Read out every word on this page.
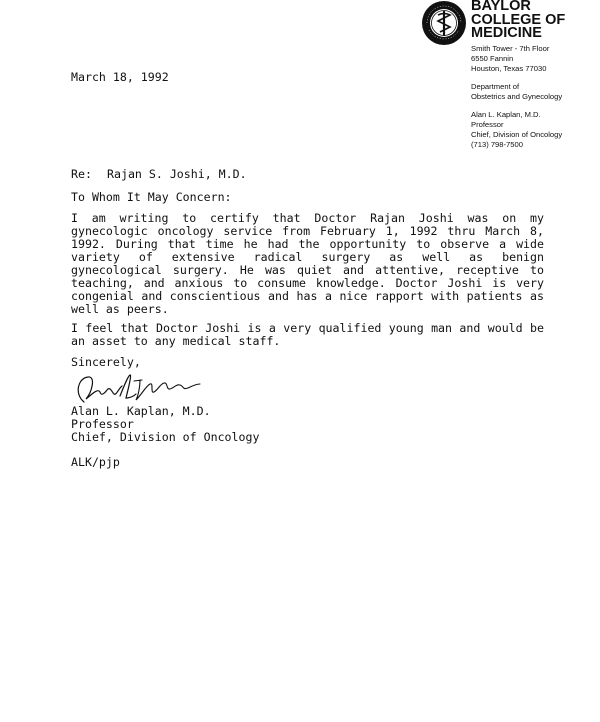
BAYLOR
COLLEGE OF
MEDICINE
Smith Tower - 7th Floor
6550 Fannin
Houston, Texas 77030
Department of
Obstetrics and Gynecology
Alan L. Kaplan, M.D.
Professor
Chief, Division of Oncology
(713) 798-7500
March 18, 1992
Re: Rajan S. Joshi, M.D.
To Whom It May Concern:
I am writing to certify that Doctor Rajan Joshi was on my gynecologic oncology service from February 1, 1992 thru March 8, 1992. During that time he had the opportunity to observe a wide variety of extensive radical surgery as well as benign gynecological surgery. He was quiet and attentive, receptive to teaching, and anxious to consume knowledge. Doctor Joshi is very congenial and conscientious and has a nice rapport with patients as well as peers.
I feel that Doctor Joshi is a very qualified young man and would be an asset to any medical staff.
Sincerely,
Alan L. Kaplan, M.D.
Professor
Chief, Division of Oncology
ALK/pjp
